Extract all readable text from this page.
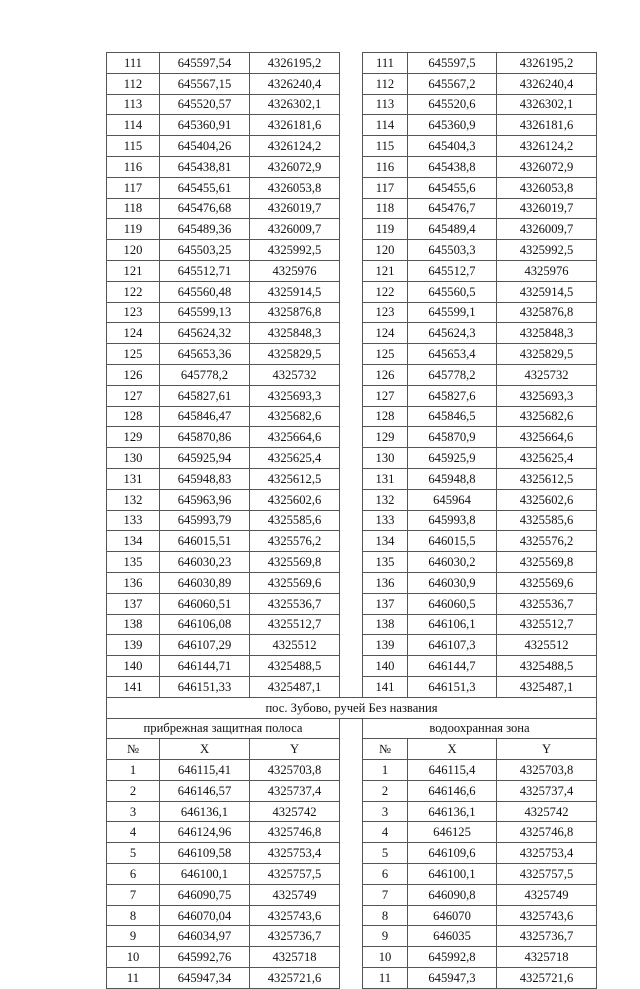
111	645597,54	4326195,2		111	645597,5	4326195,2
112	645567,15	4326240,4		112	645567,2	4326240,4
113	645520,57	4326302,1		113	645520,6	4326302,1
114	645360,91	4326181,6		114	645360,9	4326181,6
115	645404,26	4326124,2		115	645404,3	4326124,2
116	645438,81	4326072,9		116	645438,8	4326072,9
117	645455,61	4326053,8		117	645455,6	4326053,8
118	645476,68	4326019,7		118	645476,7	4326019,7
119	645489,36	4326009,7		119	645489,4	4326009,7
120	645503,25	4325992,5		120	645503,3	4325992,5
121	645512,71	4325976		121	645512,7	4325976
122	645560,48	4325914,5		122	645560,5	4325914,5
123	645599,13	4325876,8		123	645599,1	4325876,8
124	645624,32	4325848,3		124	645624,3	4325848,3
125	645653,36	4325829,5		125	645653,4	4325829,5
126	645778,2	4325732		126	645778,2	4325732
127	645827,61	4325693,3		127	645827,6	4325693,3
128	645846,47	4325682,6		128	645846,5	4325682,6
129	645870,86	4325664,6		129	645870,9	4325664,6
130	645925,94	4325625,4		130	645925,9	4325625,4
131	645948,83	4325612,5		131	645948,8	4325612,5
132	645963,96	4325602,6		132	645964	4325602,6
133	645993,79	4325585,6		133	645993,8	4325585,6
134	646015,51	4325576,2		134	646015,5	4325576,2
135	646030,23	4325569,8		135	646030,2	4325569,8
136	646030,89	4325569,6		136	646030,9	4325569,6
137	646060,51	4325536,7		137	646060,5	4325536,7
138	646106,08	4325512,7		138	646106,1	4325512,7
139	646107,29	4325512		139	646107,3	4325512
140	646144,71	4325488,5		140	646144,7	4325488,5
141	646151,33	4325487,1		141	646151,3	4325487,1
пос. Зубово, ручей Без названия						
прибрежная защитная полоса				водоохранная зона		
№	X	Y		№	X	Y
1	646115,41	4325703,8		1	646115,4	4325703,8
2	646146,57	4325737,4		2	646146,6	4325737,4
3	646136,1	4325742		3	646136,1	4325742
4	646124,96	4325746,8		4	646125	4325746,8
5	646109,58	4325753,4		5	646109,6	4325753,4
6	646100,1	4325757,5		6	646100,1	4325757,5
7	646090,75	4325749		7	646090,8	4325749
8	646070,04	4325743,6		8	646070	4325743,6
9	646034,97	4325736,7		9	646035	4325736,7
10	645992,76	4325718		10	645992,8	4325718
11	645947,34	4325721,6		11	645947,3	4325721,6
